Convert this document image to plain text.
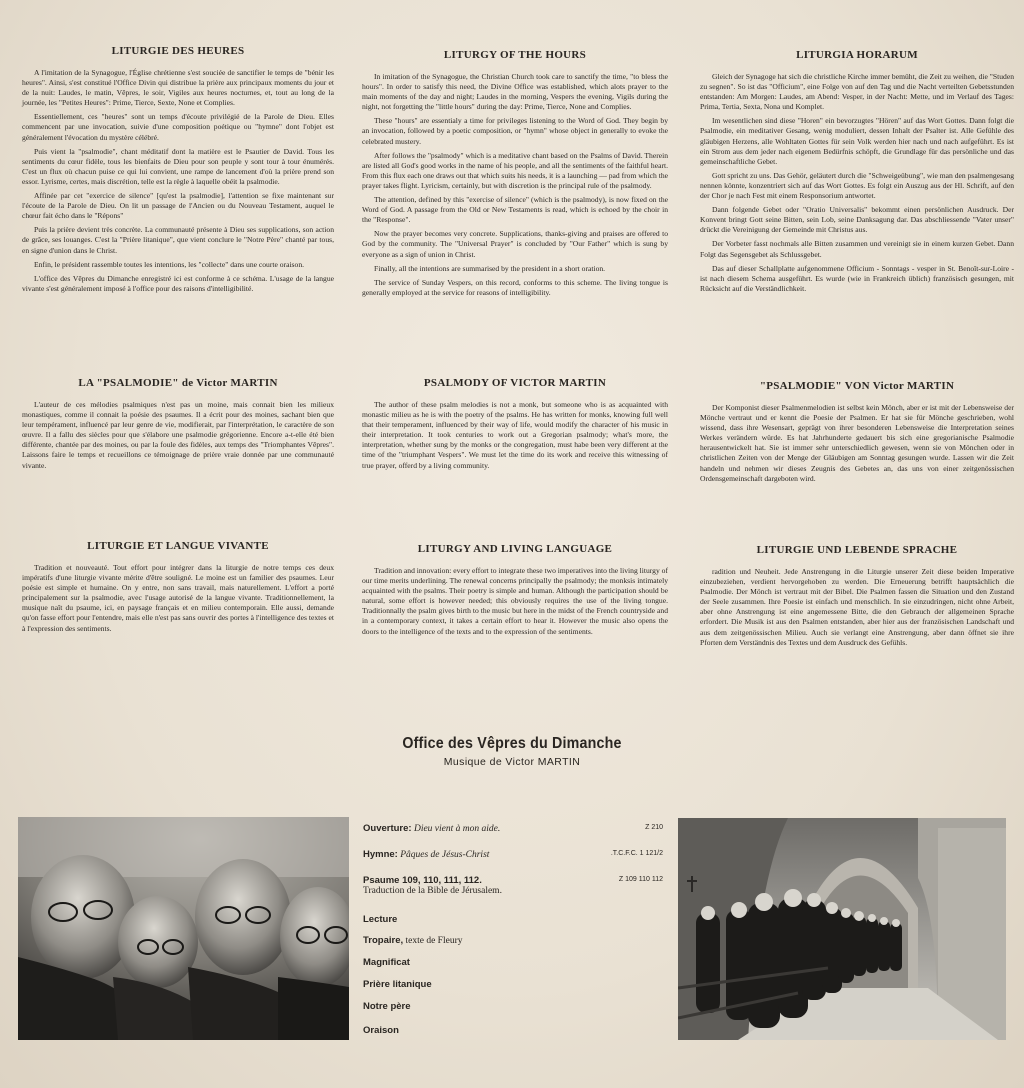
LITURGIE DES HEURES

A l'imitation de la Synagogue, l'Église chrétienne s'est souciée de sanctifier le temps de "bénir les heures". Ainsi, s'est constitué l'Office Divin qui distribue la prière aux principaux moments du jour et de la nuit: Laudes, le matin, Vêpres, le soir, Vigiles aux heures nocturnes, et, tout au long de la journée, les "Petites Heures": Prime, Tierce, Sexte, None et Complies.

Essentiellement, ces "heures" sont un temps d'écoute privilégié de la Parole de Dieu. Elles commencent par une invocation, suivie d'une composition poétique ou "hymne" dont l'objet est généralement l'évocation du mystère célébré.

Puis vient la "psalmodie", chant méditatif dont la matière est le Psautier de David. Tous les sentiments du cœur fidèle, tous les bienfaits de Dieu pour son peuple y sont tour à tour énumérés. C'est un flux où chacun puise ce qui lui convient, une rampe de lancement d'où la prière prend son essor. Lyrisme, certes, mais discrétion, telle est la règle à laquelle obéit la psalmodie.

Affinée par cet "exercice de silence" [qu'est la psalmodie], l'attention se fixe maintenant sur l'écoute de la Parole de Dieu. On lit un passage de l'Ancien ou du Nouveau Testament, auquel le chœur fait écho dans le "Répons"

Puis la prière devient très concrète. La communauté présente à Dieu ses supplications, son action de grâce, ses louanges. C'est la "Prière litanique", que vient conclure le "Notre Père" chanté par tous, en signe d'union dans le Christ.

Enfin, le président rassemble toutes les intentions, les "collecte" dans une courte oraison.

L'office des Vêpres du Dimanche enregistré ici est conforme à ce schéma. L'usage de la langue vivante s'est généralement imposé à l'office pour des raisons d'intelligibilité.

LA "PSALMODIE" de Victor MARTIN

L'auteur de ces mélodies psalmiques n'est pas un moine, mais connait bien les milieux monastiques, comme il connait la poésie des psaumes. Il a écrit pour des moines, sachant bien que leur tempérament, influencé par leur genre de vie, modifierait, par l'interprétation, le caractère de son œuvre. Il a fallu des siècles pour que s'élabore une psalmodie grégorienne. Encore a-t-elle été bien différente, chantée par des moines, ou par la foule des fidèles, aux temps des "Triomphantes Vêpres". Laissons faire le temps et recueillons ce témoignage de prière vraie donnée par une communauté vivante.

LITURGIE ET LANGUE VIVANTE

Tradition et nouveauté. Tout effort pour intégrer dans la liturgie de notre temps ces deux impératifs d'une liturgie vivante mérite d'être souligné. Le moine est un familier des psaumes. Leur poésie est simple et humaine. On y entre, non sans travail, mais naturellement. L'effort a porté principalement sur la psalmodie, avec l'usage autorisé de la langue vivante. Traditionnellement, la musique naît du psaume, ici, en paysage français et en milieu contemporain. Elle aussi, demande qu'on fasse effort pour l'entendre, mais elle n'est pas sans ouvrir des portes à l'intelligence des textes et à l'expression des sentiments.

LITURGY OF THE HOURS

In imitation of the Synagogue, the Christian Church took care to sanctify the time, "to bless the hours". In order to satisfy this need, the Divine Office was established, which alots prayer to the main moments of the day and night; Laudes in the morning, Vespers the evening, Vigils during the night, not forgetting the "little hours" during the day: Prime, Tierce, None and Complies.

These "hours" are essentialy a time for privileges listening to the Word of God. They begin by an invocation, followed by a poetic composition, or "hymn" whose object in generally to evoke the celebrated mustery.

After follows the "psalmody" which is a meditative chant based on the Psalms of David. Therein are listed all God's good works in the name of his people, and all the sentiments of the faithful heart. From this flux each one draws out that which suits his needs, it is a launching — pad from which the prayer takes flight. Lyricism, certainly, but with discretion is the principal rule of the psalmody.

The attention, defined by this "exercise of silence" (which is the psalmody), is now fixed on the Word of God. A passage from the Old or New Testaments is read, which is echoed by the choir in the "Response".

Now the prayer becomes very concrete. Supplications, thanks-giving and praises are offered to God by the community. The "Universal Prayer" is concluded by "Our Father" which is sung by everyone as a sign of union in Christ.

Finally, all the intentions are summarised by the president in a short oration.

The service of Sunday Vespers, on this record, conforms to this scheme. The living tongue is generally employed at the service for reasons of intelligibility.

PSALMODY OF VICTOR MARTIN

The author of these psalm melodies is not a monk, but someone who is as acquainted with monastic milieu as he is with the poetry of the psalms. He has written for monks, knowing full well that their temperament, influenced by their way of life, would modify the character of his music in their interpretation. It took centuries to work out a Gregorian psalmody; what's more, the interpretation, whether sung by the monks or the congregation, must habe been very different at the time of the "triumphant Vespers". We must let the time do its work and receive this witnessing of true prayer, offerd by a living community.

LITURGY AND LIVING LANGUAGE

Tradition and innovation: every effort to integrate these two imperatives into the living liturgy of our time merits underlining. The renewal concerns principally the psalmody; the monksis intimately acquainted with the psalms. Their poetry is simple and human. Although the participation should be natural, some effort is however needed; this obviously requires the use of the living tongue. Traditionnally the psalm gives birth to the music but here in the midst of the French countryside and in a contemporary context, it takes a certain effort to hear it. However the music also opens the doors to the intelligence of the texts and to the expression of the sentiments.

LITURGIA HORARUM

Gleich der Synagoge hat sich die christliche Kirche immer bemüht, die Zeit zu weihen, die "Studen zu segnen". So ist das "Officium", eine Folge von auf den Tag und die Nacht verteilten Gebetsstunden entstanden: Am Morgen: Laudes, am Abend: Vesper, in der Nacht: Mette, und im Verlauf des Tages: Prima, Tertia, Sexta, Nona und Komplet.

Im wesentlichen sind diese "Horen" ein bevorzugtes "Hören" auf das Wort Gottes. Dann folgt die Psalmodie, ein meditativer Gesang, wenig moduliert, dessen Inhalt der Psalter ist. Alle Gefühle des gläubigen Herzens, alle Wohltaten Gottes für sein Volk werden hier nach und nach aufgeführt. Es ist ein Strom aus dem jeder nach eigenem Bedürfnis schöpft, die Grundlage für das persönliche und das gemeinschaftliche Gebet.

Gott spricht zu uns. Das Gehör, geläutert durch die "Schweigeübung", wie man den psalmengesang nennen könnte, konzentriert sich auf das Wort Gottes. Es folgt ein Auszug aus der Hl. Schrift, auf den der Chor je nach Fest mit einem Responsorium antwortet.

Dann folgende Gebet oder "Oratio Universalis" bekommt einen persönlichen Ausdruck. Der Konvent bringt Gott seine Bitten, sein Lob, seine Danksagung dar. Das abschliessende "Vater unser" drückt die Vereinigung der Gemeinde mit Christus aus.

Der Vorbeter fasst nochmals alle Bitten zusammen und vereinigt sie in einem kurzen Gebet. Dann Folgt das Segensgebet als Schlussgebet.

Das auf dieser Schallplatte aufgenommene Officium - Sonntags - vesper in St. Benoît-sur-Loire - ist nach diesem Schema ausgeführt. Es wurde (wie in Frankreich üblich) französisch gesungen, mit Rücksicht auf die Verständlichkeit.

"PSALMODIE" VON Victor MARTIN

Der Komponist dieser Psalmenmelodien ist selbst kein Mönch, aber er ist mit der Lebensweise der Mönche vertraut und er kennt die Poesie der Psalmen. Er hat sie für Mönche geschrieben, wohl wissend, dass ihre Wesensart, geprägt von ihrer besonderen Lebensweise die Interpretation seines Werkes verändern würde. Es hat Jahrhunderte gedauert bis sich eine gregorianische Psalmodie herausentwickelt hat. Sie ist immer sehr unterschiedlich gewesen, wenn sie von Mönchen oder in christlichen Zeiten von der Menge der Gläubigen am Sonntag gesungen wurde. Lassen wir die Zeit handeln und nehmen wir dieses Zeugnis des Gebetes an, das uns von einer zeitgenössischen Ordensgemeinschaft dargeboten wird.

LITURGIE UND LEBENDE SPRACHE

radition und Neuheit. Jede Anstrengung in die Liturgie unserer Zeit diese beiden Imperative einzubeziehen, verdient hervorgehoben zu werden. Die Erneuerung betrifft hauptsächlich die Psalmodie. Der Mönch ist vertraut mit der Bibel. Die Psalmen fassen die Situation und den Zustand der Seele zusammen. Ihre Poesie ist einfach und menschlich. In sie einzudringen, nicht ohne Arbeit, aber ohne Anstrengung ist eine angemessene Bitte, die den Gebrauch der allgemeinen Sprache erfordert. Die Musik ist aus den Psalmen entstanden, aber hier aus der französischen Landschaft und aus dem zeitgenössischen Milieu. Auch sie verlangt eine Anstrengung, aber dann öffnet sie ihre Pforten dem Verständnis des Textes und dem Ausdruck des Gefühls.

Office des Vêpres du Dimanche
Musique de Victor MARTIN
Ouverture: Dieu vient à mon aide.	Z 210
Hymne: Pâques de Jésus-Christ	.T.C.F.C. 1 121/2
Psaume 109, 110, 111, 112.	Z 109 110 112
Traduction de la Bible de Jérusalem.
Lecture
Tropaire, texte de Fleury
Magnificat
Prière litanique
Notre père
Oraison
